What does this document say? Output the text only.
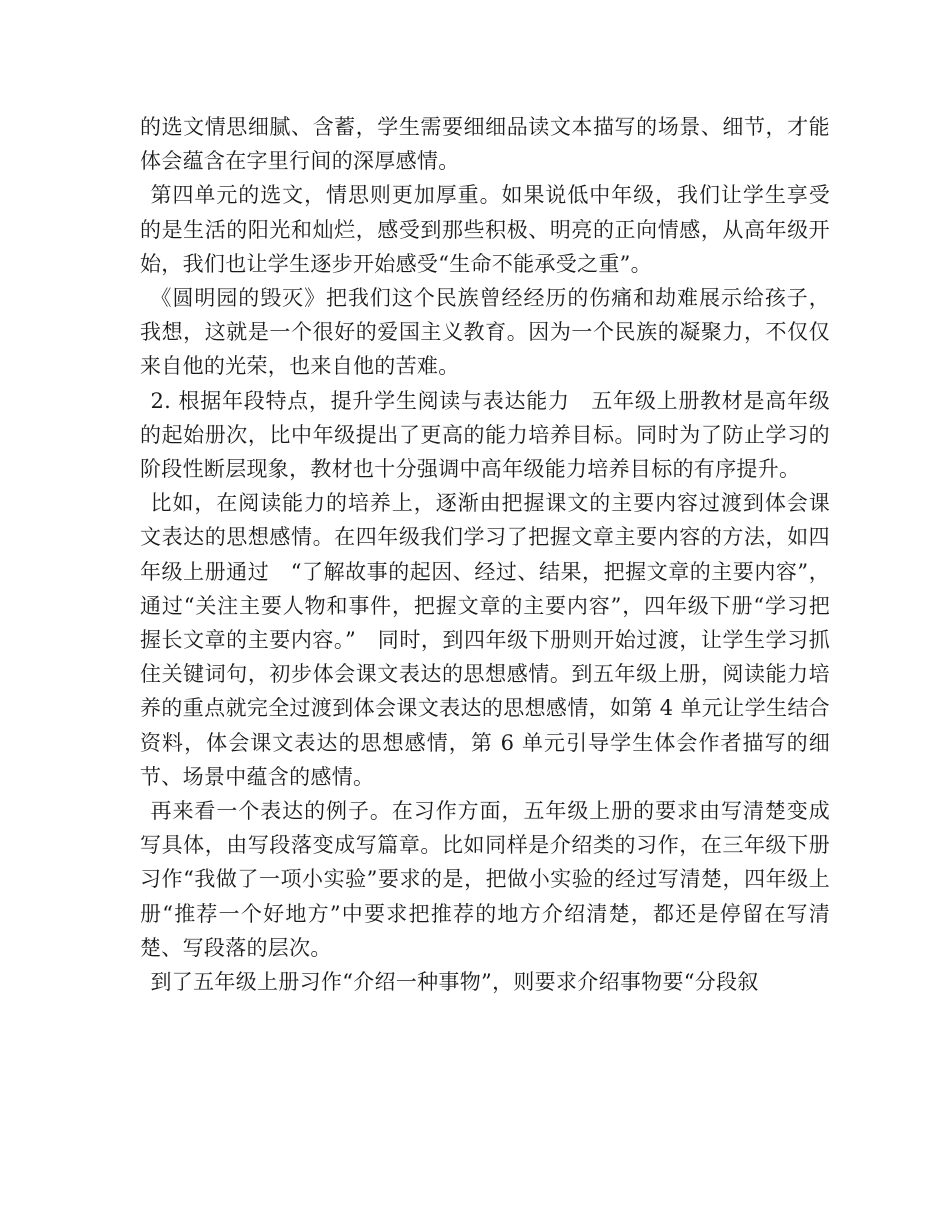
的选文情思细腻、含蓄，学生需要细细品读文本描写的场景、细节，才能体会蕴含在字里行间的深厚感情。

第四单元的选文，情思则更加厚重。如果说低中年级，我们让学生享受的是生活的阳光和灿烂，感受到那些积极、明亮的正向情感，从高年级开始，我们也让学生逐步开始感受“生命不能承受之重”。

《圆明园的毁灭》把我们这个民族曾经经历的伤痛和劫难展示给孩子，我想，这就是一个很好的爱国主义教育。因为一个民族的凝聚力，不仅仅来自他的光荣，也来自他的苦难。

2. 根据年段特点，提升学生阅读与表达能力　五年级上册教材是高年级的起始册次，比中年级提出了更高的能力培养目标。同时为了防止学习的阶段性断层现象，教材也十分强调中高年级能力培养目标的有序提升。

比如，在阅读能力的培养上，逐渐由把握课文的主要内容过渡到体会课文表达的思想感情。在四年级我们学习了把握文章主要内容的方法，如四年级上册通过　“了解故事的起因、经过、结果，把握文章的主要内容”，通过“关注主要人物和事件，把握文章的主要内容”，四年级下册“学习把握长文章的主要内容。”　同时，到四年级下册则开始过渡，让学生学习抓住关键词句，初步体会课文表达的思想感情。到五年级上册，阅读能力培养的重点就完全过渡到体会课文表达的思想感情，如第 4 单元让学生结合资料，体会课文表达的思想感情，第 6 单元引导学生体会作者描写的细节、场景中蕴含的感情。

再来看一个表达的例子。在习作方面，五年级上册的要求由写清楚变成写具体，由写段落变成写篇章。比如同样是介绍类的习作，在三年级下册习作“我做了一项小实验”要求的是，把做小实验的经过写清楚，四年级上册“推荐一个好地方”中要求把推荐的地方介绍清楚，都还是停留在写清楚、写段落的层次。

到了五年级上册习作“介绍一种事物”，则要求介绍事物要“分段叙
